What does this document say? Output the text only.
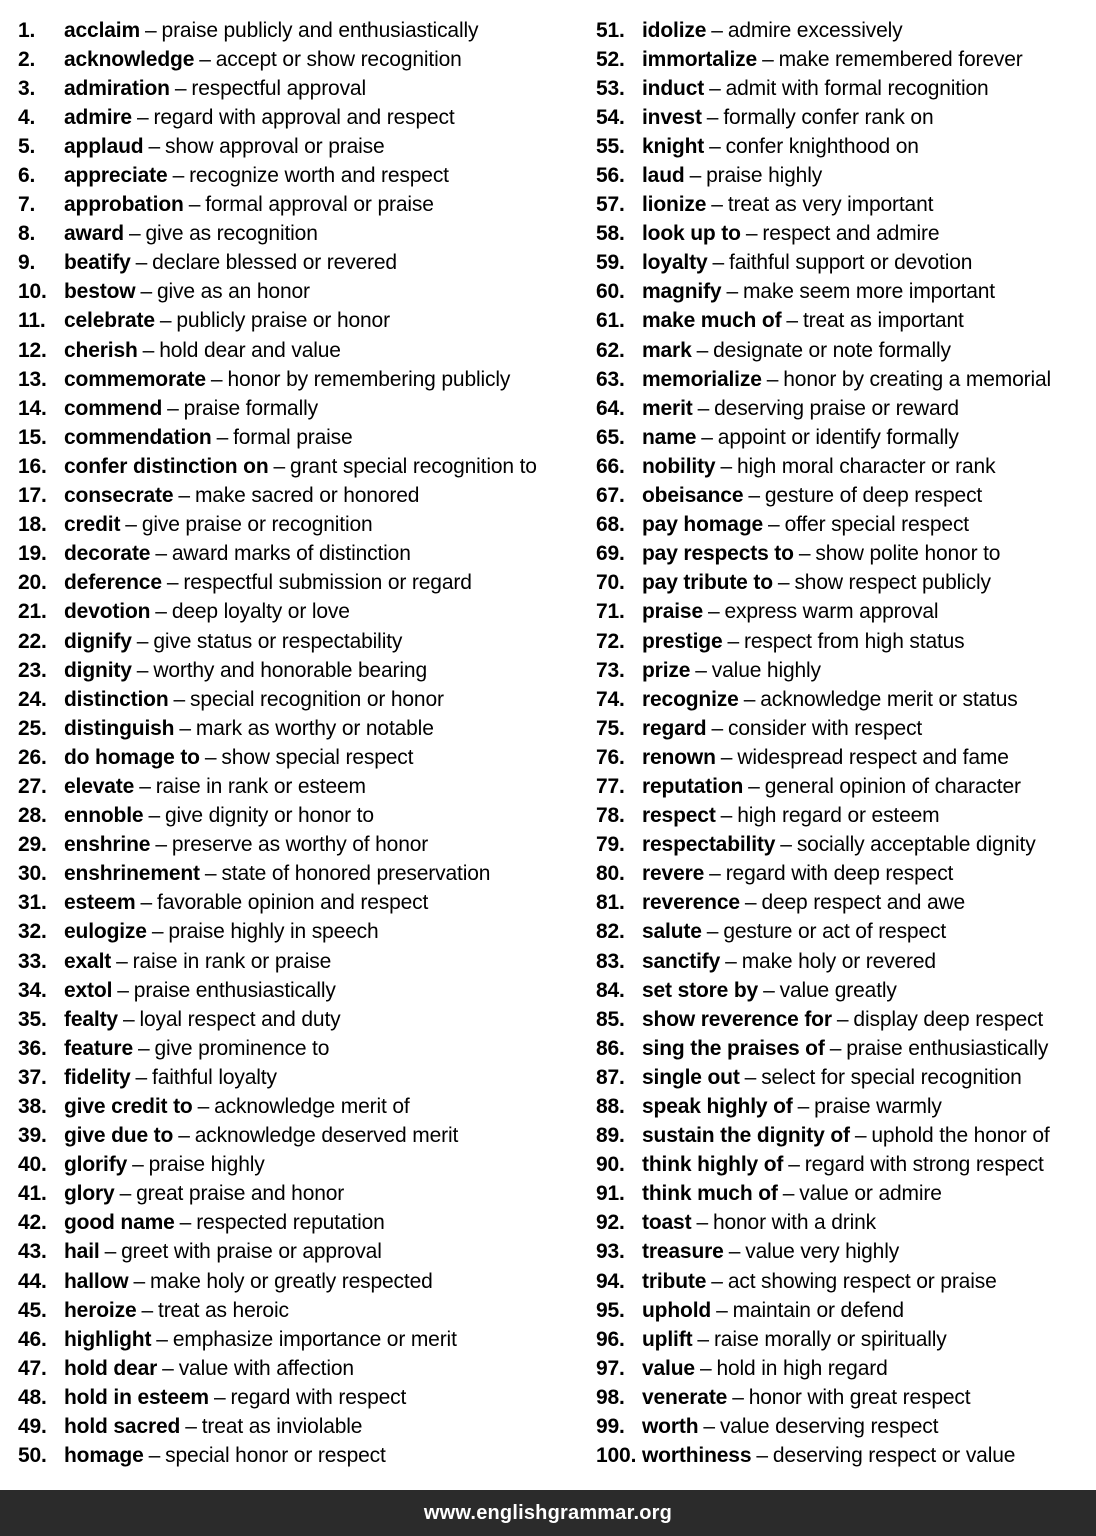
1.	acclaim – praise publicly and enthusiastically
2.	acknowledge – accept or show recognition
3.	admiration – respectful approval
4.	admire – regard with approval and respect
5.	applaud – show approval or praise
6.	appreciate – recognize worth and respect
7.	approbation – formal approval or praise
8.	award – give as recognition
9.	beatify – declare blessed or revered
10. bestow – give as an honor
11. celebrate – publicly praise or honor
12. cherish – hold dear and value
13. commemorate – honor by remembering publicly
14. commend – praise formally
15. commendation – formal praise
16. confer distinction on – grant special recognition to
17. consecrate – make sacred or honored
18. credit – give praise or recognition
19. decorate – award marks of distinction
20. deference – respectful submission or regard
21. devotion – deep loyalty or love
22. dignify – give status or respectability
23. dignity – worthy and honorable bearing
24. distinction – special recognition or honor
25. distinguish – mark as worthy or notable
26. do homage to – show special respect
27. elevate – raise in rank or esteem
28. ennoble – give dignity or honor to
29. enshrine – preserve as worthy of honor
30. enshrinement – state of honored preservation
31. esteem – favorable opinion and respect
32. eulogize – praise highly in speech
33. exalt – raise in rank or praise
34. extol – praise enthusiastically
35. fealty – loyal respect and duty
36. feature – give prominence to
37. fidelity – faithful loyalty
38. give credit to – acknowledge merit of
39. give due to – acknowledge deserved merit
40. glorify – praise highly
41. glory – great praise and honor
42. good name – respected reputation
43. hail – greet with praise or approval
44. hallow – make holy or greatly respected
45. heroize – treat as heroic
46. highlight – emphasize importance or merit
47. hold dear – value with affection
48. hold in esteem – regard with respect
49. hold sacred – treat as inviolable
50. homage – special honor or respect
51. idolize – admire excessively
52. immortalize – make remembered forever
53. induct – admit with formal recognition
54. invest – formally confer rank on
55. knight – confer knighthood on
56. laud – praise highly
57. lionize – treat as very important
58. look up to – respect and admire
59. loyalty – faithful support or devotion
60. magnify – make seem more important
61. make much of – treat as important
62. mark – designate or note formally
63. memorialize – honor by creating a memorial
64. merit – deserving praise or reward
65. name – appoint or identify formally
66. nobility – high moral character or rank
67. obeisance – gesture of deep respect
68. pay homage – offer special respect
69. pay respects to – show polite honor to
70. pay tribute to – show respect publicly
71. praise – express warm approval
72. prestige – respect from high status
73. prize – value highly
74. recognize – acknowledge merit or status
75. regard – consider with respect
76. renown – widespread respect and fame
77. reputation – general opinion of character
78. respect – high regard or esteem
79. respectability – socially acceptable dignity
80. revere – regard with deep respect
81. reverence – deep respect and awe
82. salute – gesture or act of respect
83. sanctify – make holy or revered
84. set store by – value greatly
85. show reverence for – display deep respect
86. sing the praises of – praise enthusiastically
87. single out – select for special recognition
88. speak highly of – praise warmly
89. sustain the dignity of – uphold the honor of
90. think highly of – regard with strong respect
91. think much of – value or admire
92. toast – honor with a drink
93. treasure – value very highly
94. tribute – act showing respect or praise
95. uphold – maintain or defend
96. uplift – raise morally or spiritually
97. value – hold in high regard
98. venerate – honor with great respect
99. worth – value deserving respect
100. worthiness – deserving respect or value
www.englishgrammar.org
